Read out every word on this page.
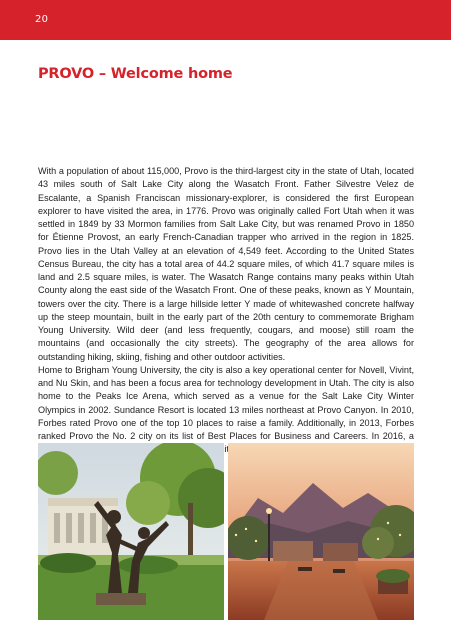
20
PROVO – Welcome home

With a population of about 115,000, Provo is the third-largest city in the state of Utah, located 43 miles south of Salt Lake City along the Wasatch Front. Father Silvestre Velez de Escalante, a Spanish Franciscan missionary-explorer, is considered the first European explorer to have visited the area, in 1776. Provo was originally called Fort Utah when it was settled in 1849 by 33 Mormon families from Salt Lake City, but was renamed Provo in 1850 for Étienne Provost, an early French-Canadian trapper who arrived in the region in 1825. Provo lies in the Utah Valley at an elevation of 4,549 feet. According to the United States Census Bureau, the city has a total area of 44.2 square miles, of which 41.7 square miles is land and 2.5 square miles, is water. The Wasatch Range contains many peaks within Utah County along the east side of the Wasatch Front. One of these peaks, known as Y Mountain, towers over the city. There is a large hillside letter Y made of whitewashed concrete halfway up the steep mountain, built in the early part of the 20th century to commemorate Brigham Young University. Wild deer (and less frequently, cougars, and moose) still roam the mountains (and occasionally the city streets). The geography of the area allows for outstanding hiking, skiing, fishing and other outdoor activities.

Home to Brigham Young University, the city is also a key operational center for Novell, Vivint, and Nu Skin, and has been a focus area for technology development in Utah. The city is also home to the Peaks Ice Arena, which served as a venue for the Salt Lake City Winter Olympics in 2002. Sundance Resort is located 13 miles northeast at Provo Canyon. In 2010, Forbes rated Provo one of the top 10 places to raise a family. Additionally, in 2013, Forbes ranked Provo the No. 2 city on its list of Best Places for Business and Careers. In 2016, a city
